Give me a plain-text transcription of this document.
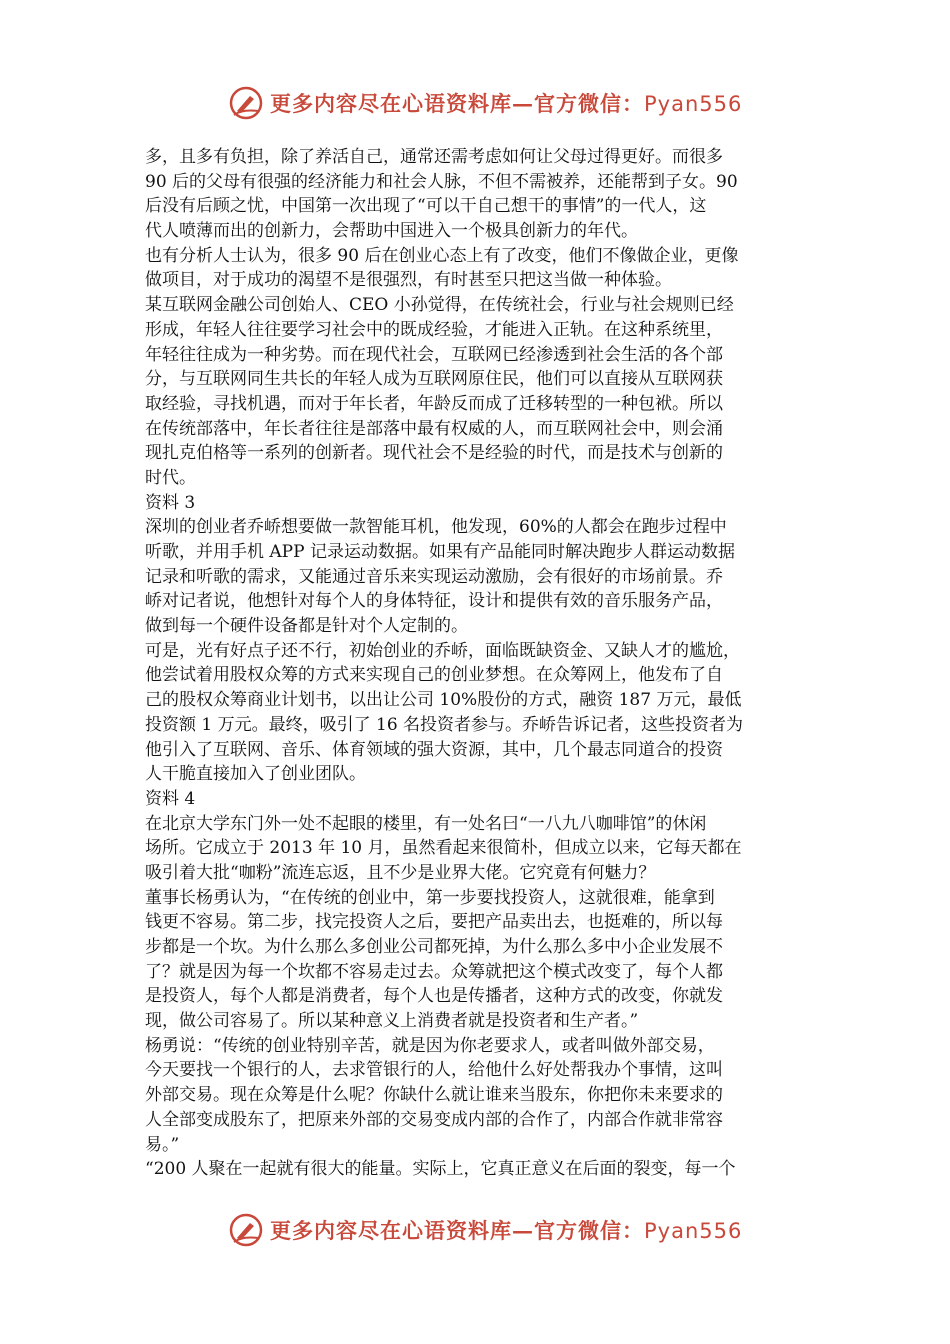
更多内容尽在心语资料库—官方微信：Pyan556
多，且多有负担，除了养活自己，通常还需考虑如何让父母过得更好。而很多
90 后的父母有很强的经济能力和社会人脉，不但不需被养，还能帮到子女。90
后没有后顾之忧，中国第一次出现了“可以干自己想干的事情”的一代人，这
代人喷薄而出的创新力，会帮助中国进入一个极具创新力的年代。
也有分析人士认为，很多 90 后在创业心态上有了改变，他们不像做企业，更像
做项目，对于成功的渴望不是很强烈，有时甚至只把这当做一种体验。
某互联网金融公司创始人、CEO 小孙觉得，在传统社会，行业与社会规则已经
形成，年轻人往往要学习社会中的既成经验，才能进入正轨。在这种系统里，
年轻往往成为一种劣势。而在现代社会，互联网已经渗透到社会生活的各个部
分，与互联网同生共长的年轻人成为互联网原住民，他们可以直接从互联网获
取经验，寻找机遇，而对于年长者，年龄反而成了迁移转型的一种包袱。所以
在传统部落中，年长者往往是部落中最有权威的人，而互联网社会中，则会涌
现扎克伯格等一系列的创新者。现代社会不是经验的时代，而是技术与创新的
时代。
资料 3
深圳的创业者乔峤想要做一款智能耳机，他发现，60%的人都会在跑步过程中
听歌，并用手机 APP 记录运动数据。如果有产品能同时解决跑步人群运动数据
记录和听歌的需求，又能通过音乐来实现运动激励，会有很好的市场前景。乔
峤对记者说，他想针对每个人的身体特征，设计和提供有效的音乐服务产品，
做到每一个硬件设备都是针对个人定制的。
可是，光有好点子还不行，初始创业的乔峤，面临既缺资金、又缺人才的尴尬，
他尝试着用股权众筹的方式来实现自己的创业梦想。在众筹网上，他发布了自
己的股权众筹商业计划书，以出让公司 10%股份的方式，融资 187 万元，最低
投资额 1 万元。最终，吸引了 16 名投资者参与。乔峤告诉记者，这些投资者为
他引入了互联网、音乐、体育领域的强大资源，其中，几个最志同道合的投资
人干脆直接加入了创业团队。
资料 4
在北京大学东门外一处不起眼的楼里，有一处名曰“一八九八咖啡馆”的休闲
场所。它成立于 2013 年 10 月，虽然看起来很简朴，但成立以来，它每天都在
吸引着大批“咖粉”流连忘返，且不少是业界大佬。它究竟有何魅力？
董事长杨勇认为，“在传统的创业中，第一步要找投资人，这就很难，能拿到
钱更不容易。第二步，找完投资人之后，要把产品卖出去，也挺难的，所以每
步都是一个坎。为什么那么多创业公司都死掉，为什么那么多中小企业发展不
了？就是因为每一个坎都不容易走过去。众筹就把这个模式改变了，每个人都
是投资人，每个人都是消费者，每个人也是传播者，这种方式的改变，你就发
现，做公司容易了。所以某种意义上消费者就是投资者和生产者。”
杨勇说：“传统的创业特别辛苦，就是因为你老要求人，或者叫做外部交易，
今天要找一个银行的人，去求管银行的人，给他什么好处帮我办个事情，这叫
外部交易。现在众筹是什么呢？你缺什么就让谁来当股东，你把你未来要求的
人全部变成股东了，把原来外部的交易变成内部的合作了，内部合作就非常容
易。”
“200 人聚在一起就有很大的能量。实际上，它真正意义在后面的裂变，每一个
更多内容尽在心语资料库—官方微信：Pyan556
